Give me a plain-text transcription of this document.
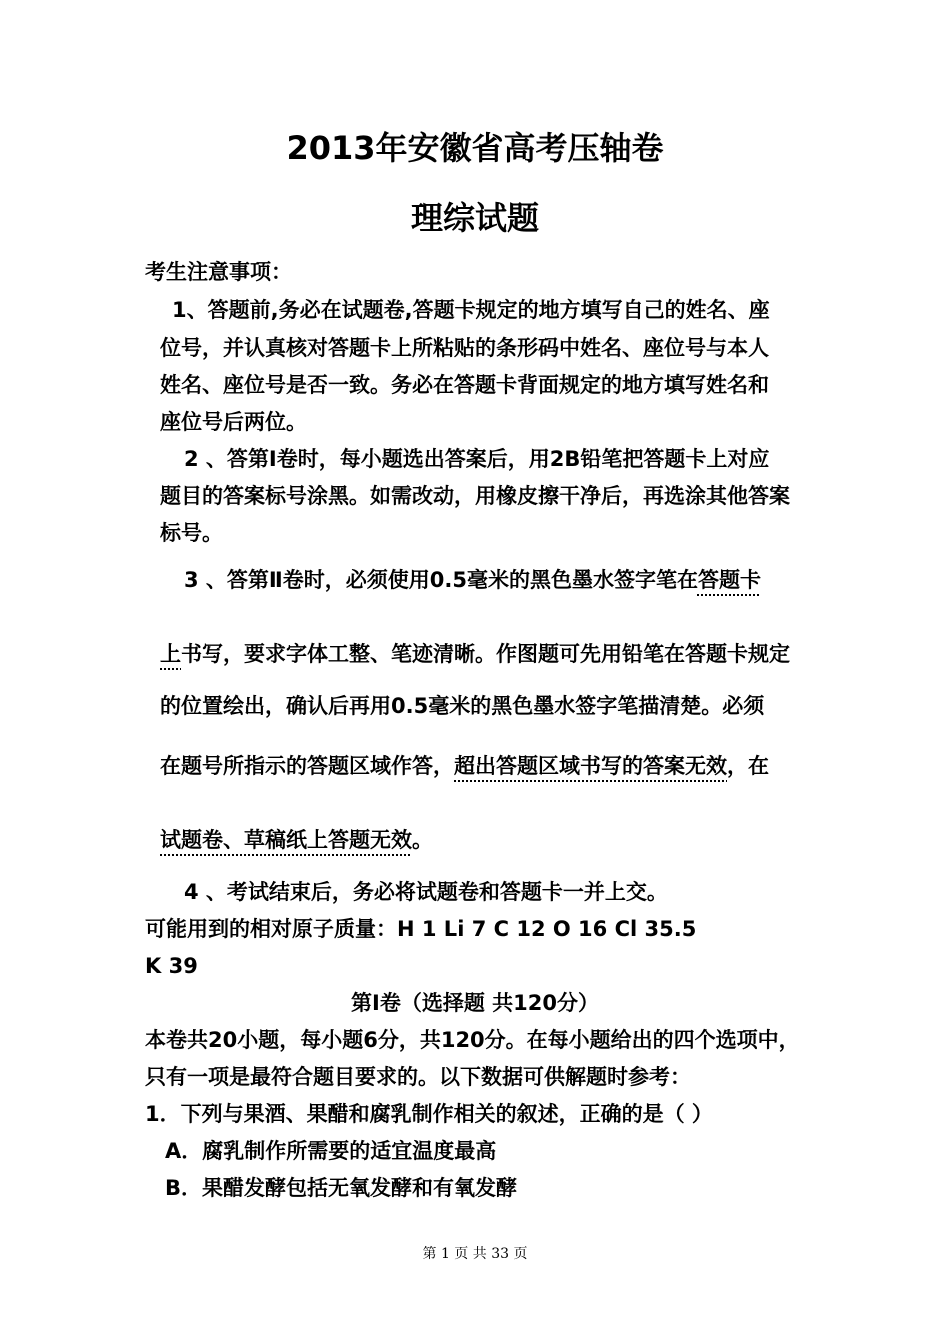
2013年安徽省高考压轴卷
理综试题
考生注意事项：
1、答题前,务必在试题卷,答题卡规定的地方填写自己的姓名、座
位号，并认真核对答题卡上所粘贴的条形码中姓名、座位号与本人
姓名、座位号是否一致。务必在答题卡背面规定的地方填写姓名和
座位号后两位。
2 、答第Ⅰ卷时，每小题选出答案后，用2B铅笔把答题卡上对应
题目的答案标号涂黑。如需改动，用橡皮擦干净后，再选涂其他答案
标号。
3 、答第Ⅱ卷时，必须使用0.5毫米的黑色墨水签字笔在答题卡
上书写，要求字体工整、笔迹清晰。作图题可先用铅笔在答题卡规定
的位置绘出，确认后再用0.5毫米的黑色墨水签字笔描清楚。必须
在题号所指示的答题区域作答，超出答题区域书写的答案无效，在
试题卷、草稿纸上答题无效。
4 、考试结束后，务必将试题卷和答题卡一并上交。
可能用到的相对原子质量：H 1 Li 7 C 12 O 16 Cl 35.5
K 39
第Ⅰ卷（选择题 共120分）
本卷共20小题，每小题6分，共120分。在每小题给出的四个选项中，
只有一项是最符合题目要求的。以下数据可供解题时参考：
1．下列与果酒、果醋和腐乳制作相关的叙述，正确的是（ ）
A．腐乳制作所需要的适宜温度最高
B．果醋发酵包括无氧发酵和有氧发酵
第 1 页 共 33 页
